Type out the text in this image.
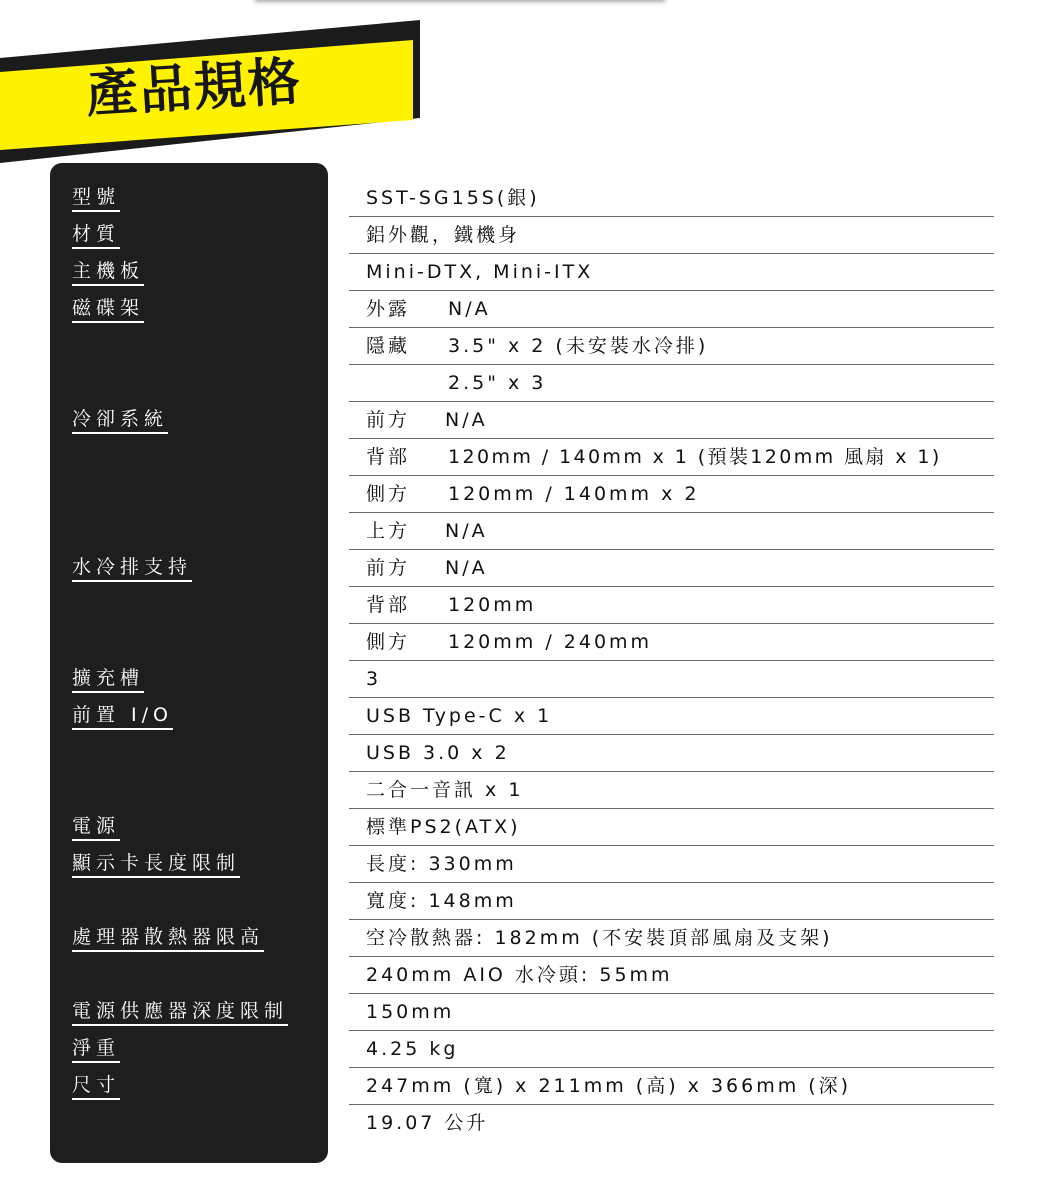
產品規格
型號
材質
主機板
磁碟架
冷卻系統
水冷排支持
擴充槽
前置 I/O
電源
顯示卡長度限制
處理器散熱器限高
電源供應器深度限制
淨重
尺寸
SST-SG15S(銀)
鋁外觀，鐵機身
Mini-DTX, Mini-ITX
外露 N/A
隱藏 3.5" x 2 (未安裝水冷排)
2.5" x 3
前方 N/A
背部 120mm / 140mm x 1 (預裝120mm 風扇 x 1)
側方 120mm / 140mm x 2
上方 N/A
前方 N/A
背部 120mm
側方 120mm / 240mm
3
USB Type-C x 1
USB 3.0 x 2
二合一音訊 x 1
標準PS2(ATX)
長度: 330mm
寬度: 148mm
空冷散熱器: 182mm (不安裝頂部風扇及支架)
240mm AIO 水冷頭: 55mm
150mm
4.25 kg
247mm (寬) x 211mm (高) x 366mm (深)
19.07 公升
